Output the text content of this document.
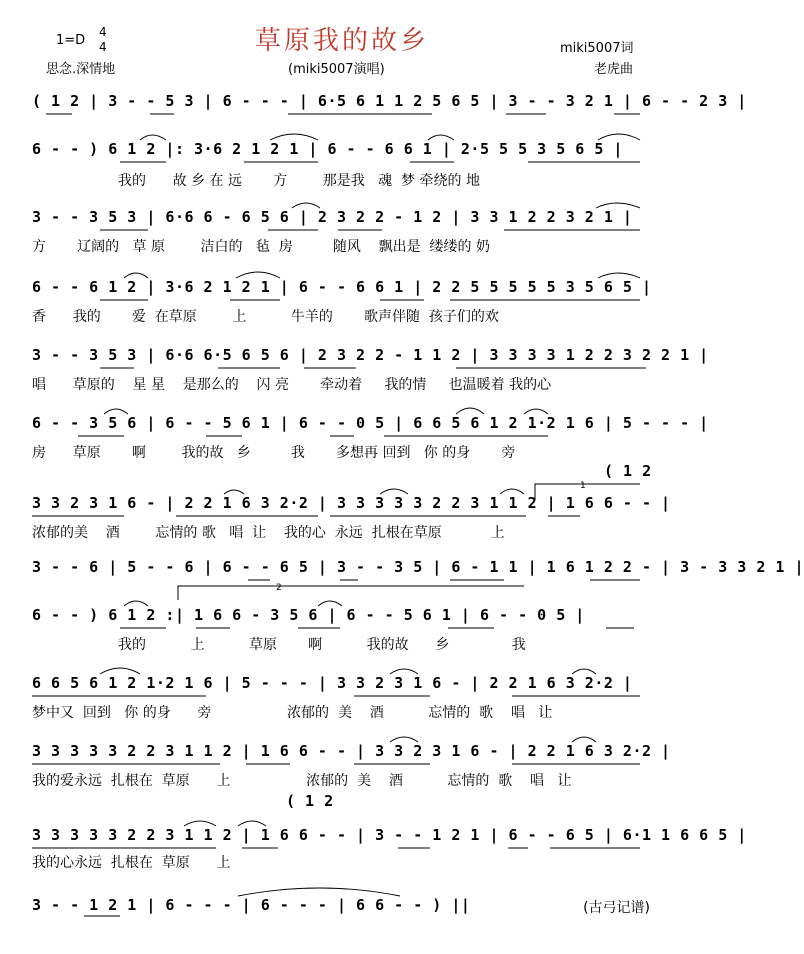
1=D
4
4	草原我的故乡	miki5007词
思念.深情地	(miki5007演唱)	老虎曲
( 1 2 | 3 - - 5 3 | 6 - - - | 6·5 6 1 1 2 5 6 5 | 3 - - 3 2 1 | 6 - - 2 3 |
6 - - ) 6 1 2 |: 3·6 2 1 2 1 | 6 - - 6 6 1 | 2·5 5 5 3 5 6 5 |
我的      故 乡 在 远       方        那是我   魂  梦 牵绕的 地
3 - - 3 5 3 | 6·6 6 - 6 5 6 | 2 3 2 2 - 1 2 | 3 3 1 2 2 3 2 1 |
方       辽阔的   草 原        洁白的   毡  房         随风    飘出是  缕缕的 奶
6 - - 6 1 2 | 3·6 2 1 2 1 | 6 - - 6 6 1 | 2 2 5 5 5 5 5 3 5 6 5 |
香      我的       爱  在草原        上          牛羊的       歌声伴随  孩子们的欢
3 - - 3 5 3 | 6·6 6·5 6 5 6 | 2 3 2 2 - 1 1 2 | 3 3 3 3 1 2 2 3 2 2 1 |
唱      草原的    星 星    是那么的    闪 亮       牵动着     我的情     也温暖着 我的心
6 - - 3 5 6 | 6 - - 5 6 1 | 6 - - 0 5 | 6 6 5 6 1 2 1·2 1 6 | 5 - - - |
房      草原       啊        我的故   乡         我       多想再 回到   你 的身       旁
( 1 2
3 3 2 3 1 6 - | 2 2 1 6 3 2·2 | 3 3 3 3 3 2 2 3 1 1 2 | 1 6 6 - - |
浓郁的美    酒        忘情的 歌   唱  让    我的心  永远  扎根在草原           上
3 - - 6 | 5 - - 6 | 6 - - 6 5 | 3 - - 3 5 | 6 - 1 1 | 1 6 1 2 2 - | 3 - 3 3 2 1 |
6 - - ) 6 1 2 :| 1 6 6 - 3 5 6 | 6 - - 5 6 1 | 6 - - 0 5 |
我的          上          草原       啊          我的故      乡              我
6 6 5 6 1 2 1·2 1 6 | 5 - - - | 3 3 2 3 1 6 - | 2 2 1 6 3 2·2 |
梦中又  回到   你 的身      旁                 浓郁的  美    酒          忘情的  歌    唱   让
3 3 3 3 3 2 2 3 1 1 2 | 1 6 6 - - | 3 3 2 3 1 6 - | 2 2 1 6 3 2·2 |
我的爱永远  扎根在  草原      上                 浓郁的  美    酒          忘情的  歌    唱   让
( 1 2
3 3 3 3 3 2 2 3 1 1 2 | 1 6 6 - - | 3 - - 1 2 1 | 6 - - 6 5 | 6·1 1 6 6 5 |
我的心永远  扎根在  草原      上
3 - - 1 2 1 | 6 - - - | 6 - - - | 6 6 - - ) ||
1
2
(古弓记谱)
